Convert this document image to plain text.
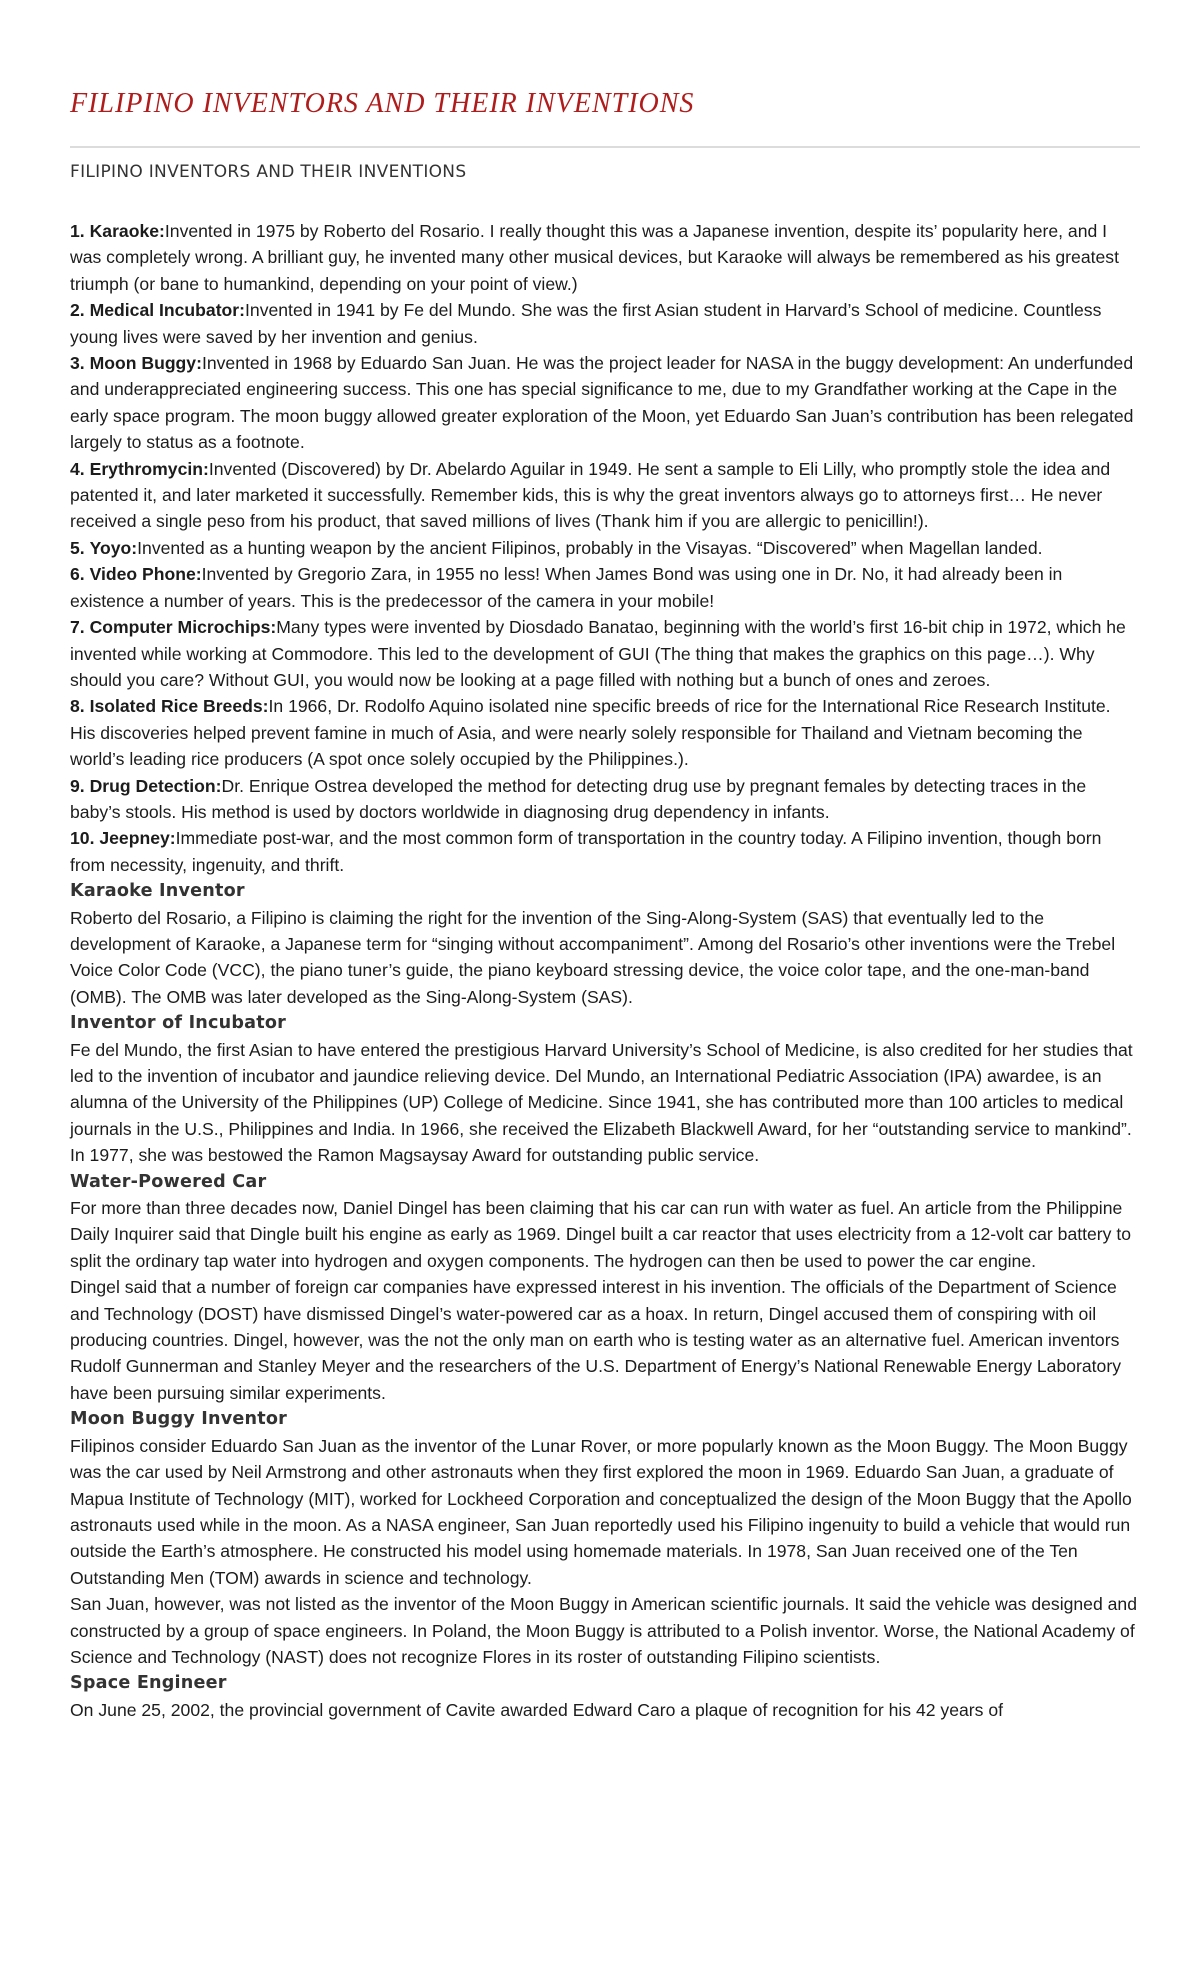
FILIPINO INVENTORS AND THEIR INVENTIONS
FILIPINO INVENTORS AND THEIR INVENTIONS

1. Karaoke:Invented in 1975 by Roberto del Rosario. I really thought this was a Japanese invention, despite its’ popularity here, and I was completely wrong. A brilliant guy, he invented many other musical devices, but Karaoke will always be remembered as his greatest triumph (or bane to humankind, depending on your point of view.)

2. Medical Incubator:Invented in 1941 by Fe del Mundo. She was the first Asian student in Harvard’s School of medicine. Countless young lives were saved by her invention and genius.

3. Moon Buggy:Invented in 1968 by Eduardo San Juan. He was the project leader for NASA in the buggy development: An underfunded and underappreciated engineering success. This one has special significance to me, due to my Grandfather working at the Cape in the early space program. The moon buggy allowed greater exploration of the Moon, yet Eduardo San Juan’s contribution has been relegated largely to status as a footnote.

4. Erythromycin:Invented (Discovered) by Dr. Abelardo Aguilar in 1949. He sent a sample to Eli Lilly, who promptly stole the idea and patented it, and later marketed it successfully. Remember kids, this is why the great inventors always go to attorneys first… He never received a single peso from his product, that saved millions of lives (Thank him if you are allergic to penicillin!).

5. Yoyo:Invented as a hunting weapon by the ancient Filipinos, probably in the Visayas. “Discovered” when Magellan landed.

6. Video Phone:Invented by Gregorio Zara, in 1955 no less! When James Bond was using one in Dr. No, it had already been in existence a number of years. This is the predecessor of the camera in your mobile!

7. Computer Microchips:Many types were invented by Diosdado Banatao, beginning with the world’s first 16-bit chip in 1972, which he invented while working at Commodore. This led to the development of GUI (The thing that makes the graphics on this page…). Why should you care? Without GUI, you would now be looking at a page filled with nothing but a bunch of ones and zeroes.

8. Isolated Rice Breeds:In 1966, Dr. Rodolfo Aquino isolated nine specific breeds of rice for the International Rice Research Institute. His discoveries helped prevent famine in much of Asia, and were nearly solely responsible for Thailand and Vietnam becoming the world’s leading rice producers (A spot once solely occupied by the Philippines.).

9. Drug Detection:Dr. Enrique Ostrea developed the method for detecting drug use by pregnant females by detecting traces in the baby’s stools. His method is used by doctors worldwide in diagnosing drug dependency in infants.

10. Jeepney:Immediate post-war, and the most common form of transportation in the country today. A Filipino invention, though born from necessity, ingenuity, and thrift.

Karaoke Inventor

Roberto del Rosario, a Filipino is claiming the right for the invention of the Sing-Along-System (SAS) that eventually led to the development of Karaoke, a Japanese term for “singing without accompaniment”. Among del Rosario’s other inventions were the Trebel Voice Color Code (VCC), the piano tuner’s guide, the piano keyboard stressing device, the voice color tape, and the one-man-band (OMB). The OMB was later developed as the Sing-Along-System (SAS).

Inventor of Incubator

Fe del Mundo, the first Asian to have entered the prestigious Harvard University’s School of Medicine, is also credited for her studies that led to the invention of incubator and jaundice relieving device. Del Mundo, an International Pediatric Association (IPA) awardee, is an alumna of the University of the Philippines (UP) College of Medicine. Since 1941, she has contributed more than 100 articles to medical journals in the U.S., Philippines and India. In 1966, she received the Elizabeth Blackwell Award, for her “outstanding service to mankind”. In 1977, she was bestowed the Ramon Magsaysay Award for outstanding public service.

Water-Powered Car

For more than three decades now, Daniel Dingel has been claiming that his car can run with water as fuel. An article from the Philippine Daily Inquirer said that Dingle built his engine as early as 1969. Dingel built a car reactor that uses electricity from a 12-volt car battery to split the ordinary tap water into hydrogen and oxygen components. The hydrogen can then be used to power the car engine.

Dingel said that a number of foreign car companies have expressed interest in his invention. The officials of the Department of Science and Technology (DOST) have dismissed Dingel’s water-powered car as a hoax. In return, Dingel accused them of conspiring with oil producing countries. Dingel, however, was the not the only man on earth who is testing water as an alternative fuel. American inventors Rudolf Gunnerman and Stanley Meyer and the researchers of the U.S. Department of Energy’s National Renewable Energy Laboratory have been pursuing similar experiments.

Moon Buggy Inventor

Filipinos consider Eduardo San Juan as the inventor of the Lunar Rover, or more popularly known as the Moon Buggy. The Moon Buggy was the car used by Neil Armstrong and other astronauts when they first explored the moon in 1969. Eduardo San Juan, a graduate of Mapua Institute of Technology (MIT), worked for Lockheed Corporation and conceptualized the design of the Moon Buggy that the Apollo astronauts used while in the moon. As a NASA engineer, San Juan reportedly used his Filipino ingenuity to build a vehicle that would run outside the Earth’s atmosphere. He constructed his model using homemade materials. In 1978, San Juan received one of the Ten Outstanding Men (TOM) awards in science and technology.

San Juan, however, was not listed as the inventor of the Moon Buggy in American scientific journals. It said the vehicle was designed and constructed by a group of space engineers. In Poland, the Moon Buggy is attributed to a Polish inventor. Worse, the National Academy of Science and Technology (NAST) does not recognize Flores in its roster of outstanding Filipino scientists.

Space Engineer

On June 25, 2002, the provincial government of Cavite awarded Edward Caro a plaque of recognition for his 42 years of
